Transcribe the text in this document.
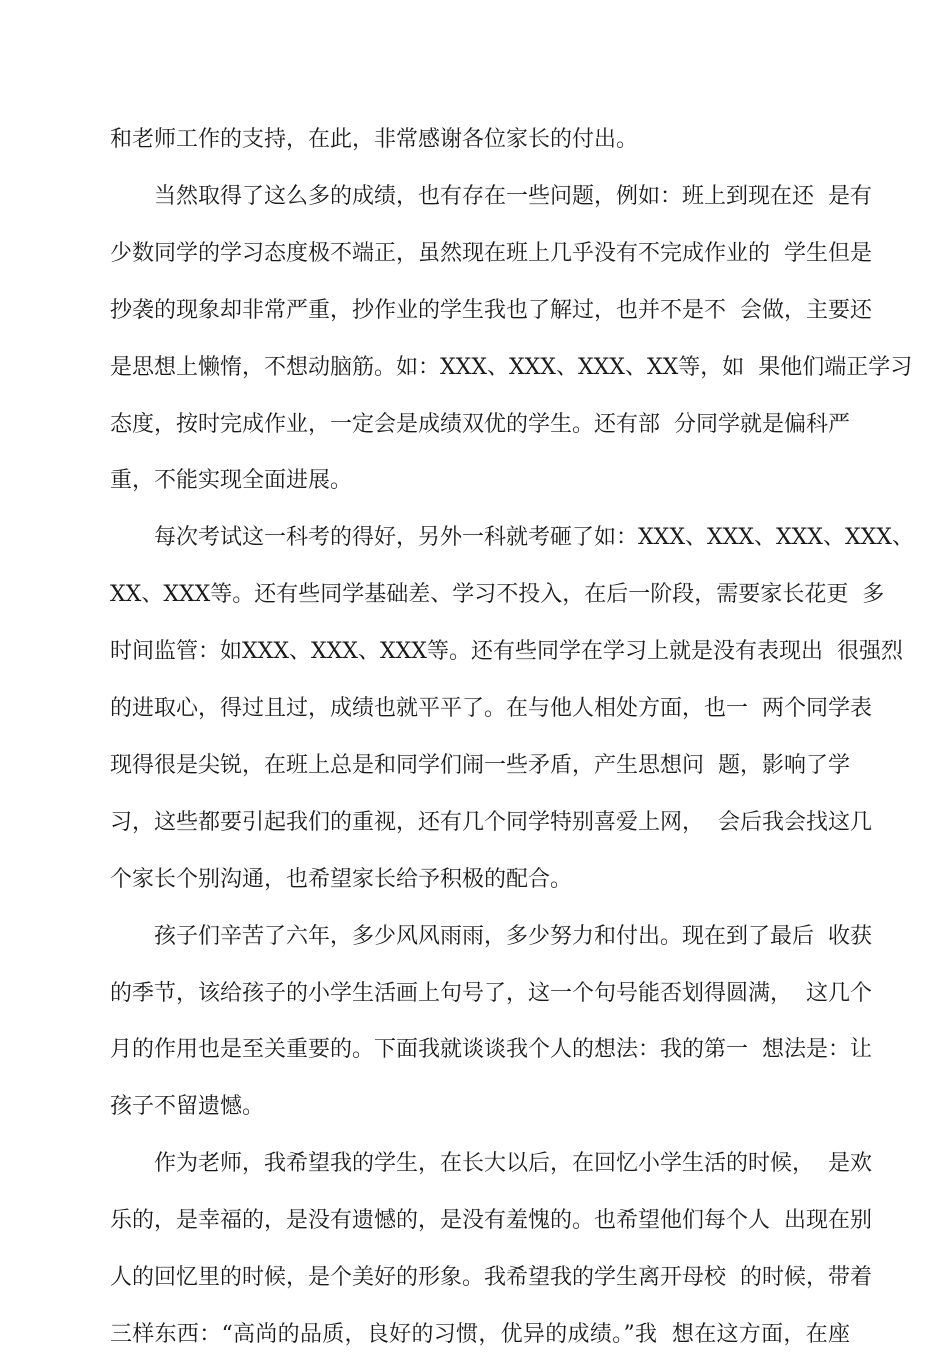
和老师工作的支持，在此，非常感谢各位家长的付出。
当然取得了这么多的成绩，也有存在一些问题，例如：班上到现在还  是有
少数同学的学习态度极不端正，虽然现在班上几乎没有不完成作业的  学生但是
抄袭的现象却非常严重，抄作业的学生我也了解过，也并不是不  会做，主要还
是思想上懒惰，不想动脑筋。如：XXX、XXX、XXX、XX等，如  果他们端正学习
态度，按时完成作业，一定会是成绩双优的学生。还有部  分同学就是偏科严
重，不能实现全面进展。
每次考试这一科考的得好，另外一科就考砸了如：XXX、XXX、XXX、XXX、
XX、XXX等。还有些同学基础差、学习不投入，在后一阶段，需要家长花更  多
时间监管：如XXX、XXX、XXX等。还有些同学在学习上就是没有表现出  很强烈
的进取心，得过且过，成绩也就平平了。在与他人相处方面，也一  两个同学表
现得很是尖锐，在班上总是和同学们闹一些矛盾，产生思想问  题，影响了学
习，这些都要引起我们的重视，还有几个同学特别喜爱上网，  会后我会找这几
个家长个别沟通，也希望家长给予积极的配合。
孩子们辛苦了六年，多少风风雨雨，多少努力和付出。现在到了最后  收获
的季节，该给孩子的小学生活画上句号了，这一个句号能否划得圆满，  这几个
月的作用也是至关重要的。下面我就谈谈我个人的想法：我的第一  想法是：让
孩子不留遗憾。
作为老师，我希望我的学生，在长大以后，在回忆小学生活的时候，  是欢
乐的，是幸福的，是没有遗憾的，是没有羞愧的。也希望他们每个人  出现在别
人的回忆里的时候，是个美好的形象。我希望我的学生离开母校  的时候，带着
三样东西：“高尚的品质，良好的习惯，优异的成绩。”我  想在这方面，在座
